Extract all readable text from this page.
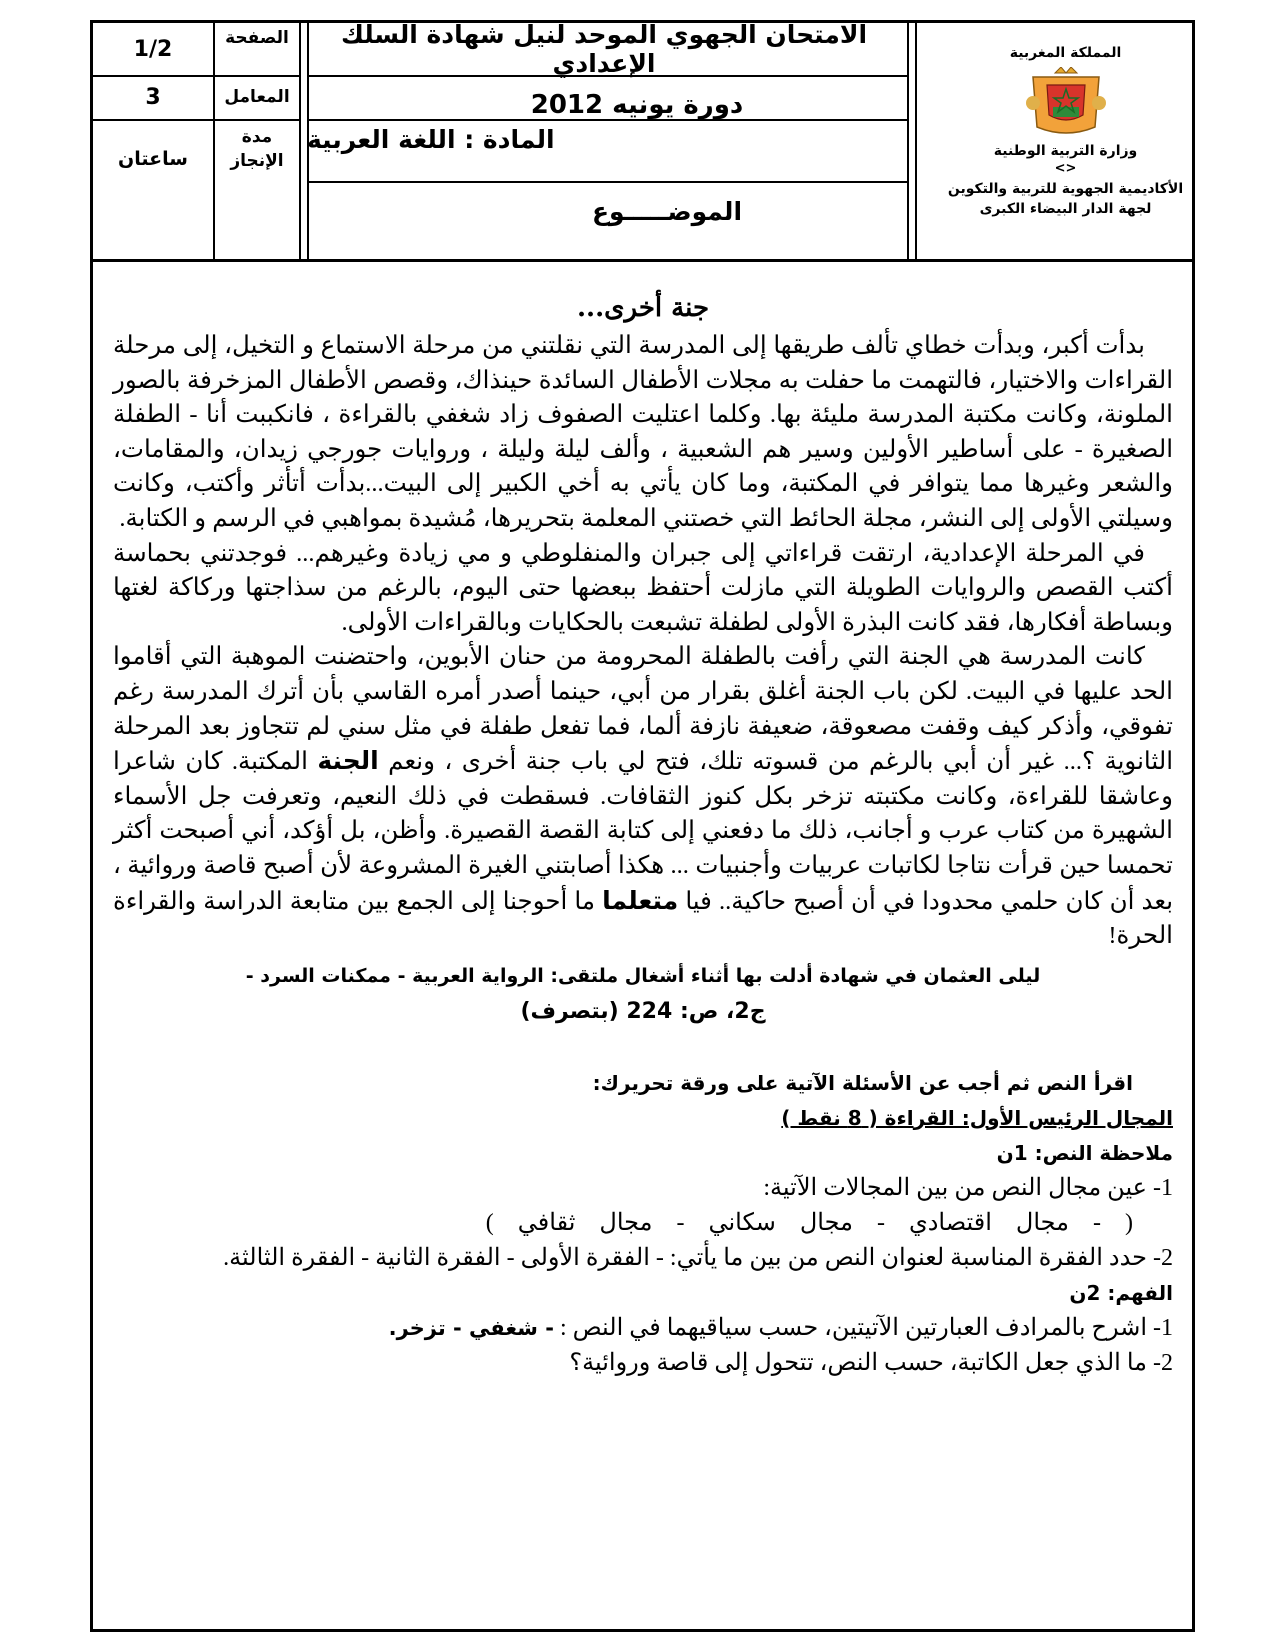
1/2	الصفحة
3	المعامل
ساعتان
مدة الإنجاز
الامتحان الجهوي الموحد لنيل شهادة السلك الإعدادي
دورة يونيه 2012
المادة : اللغة العربية
الموضـــــوع
المملكة المغربية
وزارة التربية الوطنية
<>
الأكاديمية الجهوية للتربية والتكوين
لجهة الدار البيضاء الكبرى

جنة أخرى...

بدأت أكبر، وبدأت خطاي تألف طريقها إلى المدرسة التي نقلتني من مرحلة الاستماع و التخيل، إلى مرحلة القراءات والاختيار، فالتهمت ما حفلت به مجلات الأطفال السائدة حينذاك، وقصص الأطفال المزخرفة بالصور الملونة، وكانت مكتبة المدرسة مليئة بها. وكلما اعتليت الصفوف زاد شغفي بالقراءة ، فانكببت أنا - الطفلة الصغيرة - على أساطير الأولين وسير هم الشعبية ، وألف ليلة وليلة ، وروايات جورجي زيدان، والمقامات، والشعر وغيرها مما يتوافر في المكتبة، وما كان يأتي به أخي الكبير إلى البيت...بدأت أتأثر وأكتب، وكانت وسيلتي الأولى إلى النشر، مجلة الحائط التي خصتني المعلمة بتحريرها، مُشيدة بمواهبي في الرسم و الكتابة.

في المرحلة الإعدادية، ارتقت قراءاتي إلى جبران والمنفلوطي و مي زيادة وغيرهم... فوجدتني بحماسة أكتب القصص والروايات الطويلة التي مازلت أحتفظ ببعضها حتى اليوم، بالرغم من سذاجتها وركاكة لغتها وبساطة أفكارها، فقد كانت البذرة الأولى لطفلة تشبعت بالحكايات وبالقراءات الأولى.

كانت المدرسة هي الجنة التي رأفت بالطفلة المحرومة من حنان الأبوين، واحتضنت الموهبة التي أقاموا الحد عليها في البيت. لكن باب الجنة أغلق بقرار من أبي، حينما أصدر أمره القاسي بأن أترك المدرسة رغم تفوقي، وأذكر كيف وقفت مصعوقة، ضعيفة نازفة ألما، فما تفعل طفلة في مثل سني لم تتجاوز بعد المرحلة الثانوية ؟... غير أن أبي بالرغم من قسوته تلك، فتح لي باب جنة أخرى ، ونعم الجنة المكتبة. كان شاعرا وعاشقا للقراءة، وكانت مكتبته تزخر بكل كنوز الثقافات. فسقطت في ذلك النعيم، وتعرفت جل الأسماء الشهيرة من كتاب عرب و أجانب، ذلك ما دفعني إلى كتابة القصة القصيرة. وأظن، بل أؤكد، أني أصبحت أكثر تحمسا حين قرأت نتاجا لكاتبات عربيات وأجنبيات ... هكذا أصابتني الغيرة المشروعة لأن أصبح قاصة وروائية ، بعد أن كان حلمي محدودا في أن أصبح حاكية.. فيا متعلما ما أحوجنا إلى الجمع بين متابعة الدراسة والقراءة الحرة!

ليلى العثمان في شهادة أدلت بها أثناء أشغال ملتقى: الرواية العربية - ممكنات السرد -

ج2، ص: 224 (بتصرف)

اقرأ النص ثم أجب عن الأسئلة الآتية على ورقة تحريرك:

المجال الرئيس الأول: القراءة ( 8 نقط )

ملاحظة النص: 1ن

1- عين مجال النص من بين المجالات الآتية:

( - مجال اقتصادي - مجال سكاني - مجال ثقافي )

2- حدد الفقرة المناسبة لعنوان النص من بين ما يأتي: - الفقرة الأولى - الفقرة الثانية - الفقرة الثالثة.

الفهم: 2ن

1- اشرح بالمرادف العبارتين الآتيتين، حسب سياقيهما في النص : - شغفي - تزخر.

2- ما الذي جعل الكاتبة، حسب النص، تتحول إلى قاصة وروائية؟
